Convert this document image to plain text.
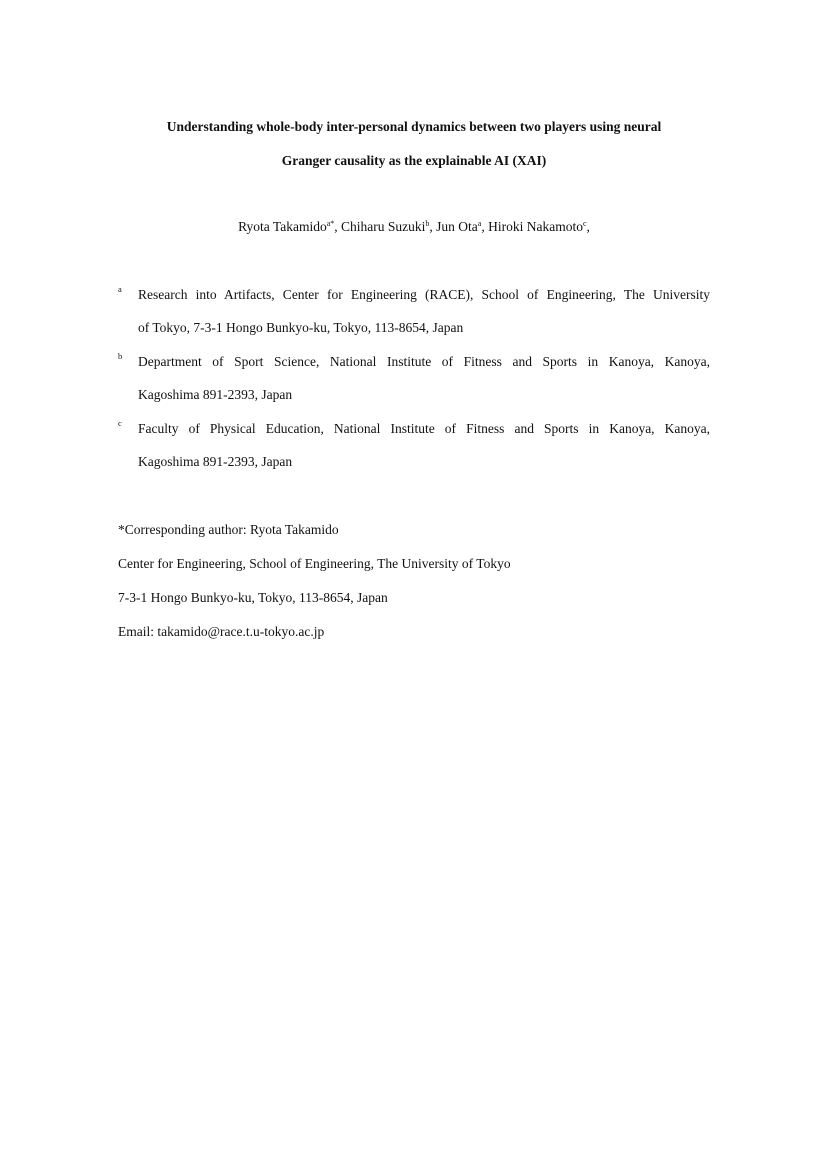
Understanding whole-body inter-personal dynamics between two players using neural
Granger causality as the explainable AI (XAI)
Ryota Takamido$^{a*}$, Chiharu Suzuki$^b$, Jun Ota$^a$, Hiroki Nakamoto$^c$,
a Research into Artifacts, Center for Engineering (RACE), School of Engineering, The University
of Tokyo, 7-3-1 Hongo Bunkyo-ku, Tokyo, 113-8654, Japan
b Department of Sport Science, National Institute of Fitness and Sports in Kanoya, Kanoya,
Kagoshima 891-2393, Japan
c Faculty of Physical Education, National Institute of Fitness and Sports in Kanoya, Kanoya,
Kagoshima 891-2393, Japan
*Corresponding author: Ryota Takamido
Center for Engineering, School of Engineering, The University of Tokyo
7-3-1 Hongo Bunkyo-ku, Tokyo, 113-8654, Japan
Email: takamido@race.t.u-tokyo.ac.jp
